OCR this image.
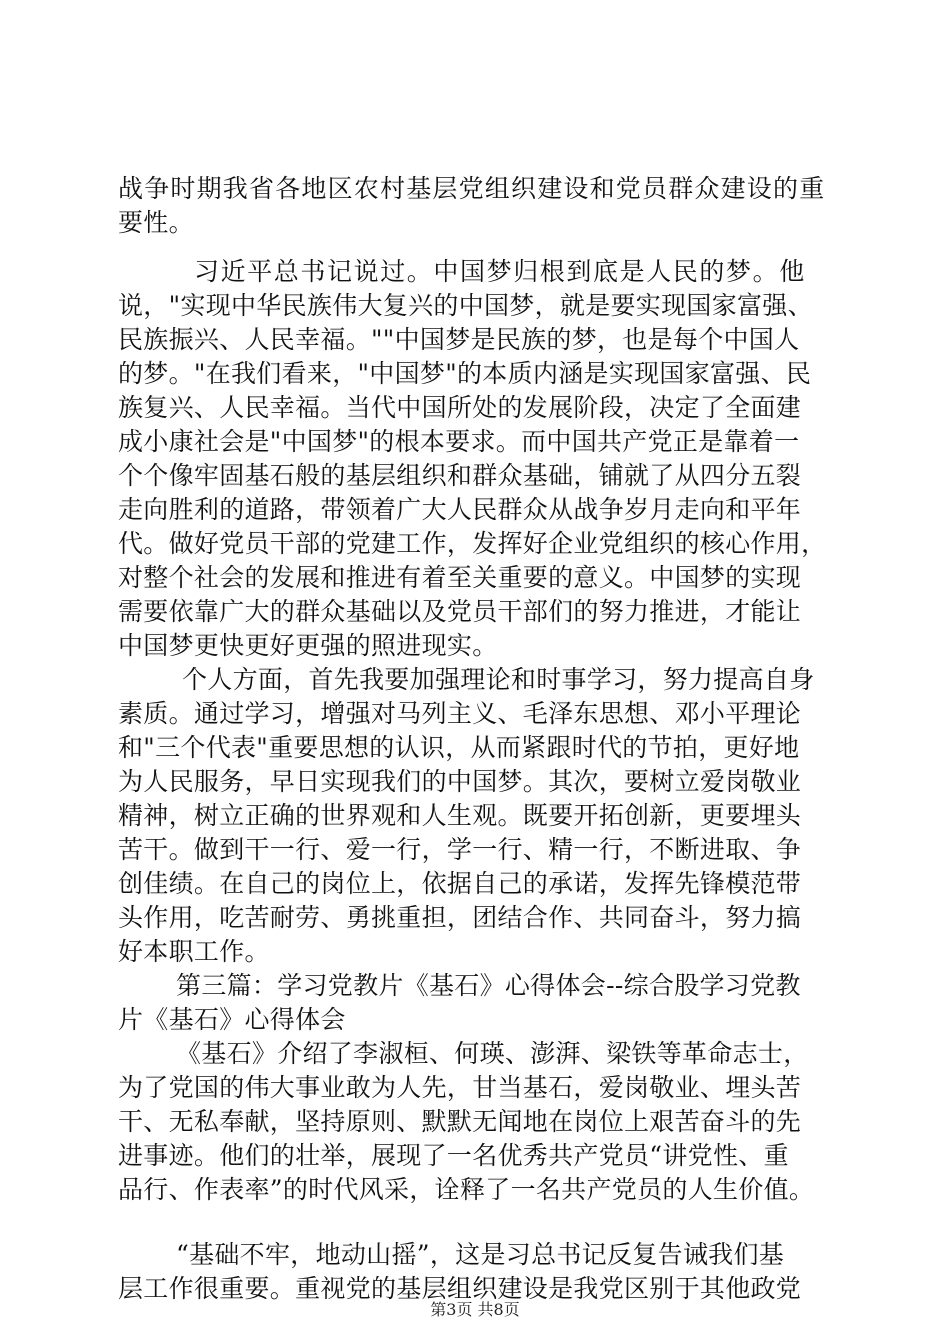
战争时期我省各地区农村基层党组织建设和党员群众建设的重
要性。
习近平总书记说过。中国梦归根到底是人民的梦。他
说，"实现中华民族伟大复兴的中国梦，就是要实现国家富强、
民族振兴、人民幸福。""中国梦是民族的梦，也是每个中国人
的梦。"在我们看来，"中国梦"的本质内涵是实现国家富强、民
族复兴、人民幸福。当代中国所处的发展阶段，决定了全面建
成小康社会是"中国梦"的根本要求。而中国共产党正是靠着一
个个像牢固基石般的基层组织和群众基础，铺就了从四分五裂
走向胜利的道路，带领着广大人民群众从战争岁月走向和平年
代。做好党员干部的党建工作，发挥好企业党组织的核心作用，
对整个社会的发展和推进有着至关重要的意义。中国梦的实现
需要依靠广大的群众基础以及党员干部们的努力推进，才能让
中国梦更快更好更强的照进现实。
个人方面，首先我要加强理论和时事学习，努力提高自身
素质。通过学习，增强对马列主义、毛泽东思想、邓小平理论
和"三个代表"重要思想的认识，从而紧跟时代的节拍，更好地
为人民服务，早日实现我们的中国梦。其次，要树立爱岗敬业
精神，树立正确的世界观和人生观。既要开拓创新，更要埋头
苦干。做到干一行、爱一行，学一行、精一行，不断进取、争
创佳绩。在自己的岗位上，依据自己的承诺，发挥先锋模范带
头作用，吃苦耐劳、勇挑重担，团结合作、共同奋斗，努力搞
好本职工作。
第三篇：学习党教片《基石》心得体会--综合股学习党教
片《基石》心得体会
《基石》介绍了李淑桓、何瑛、澎湃、梁铁等革命志士，
为了党国的伟大事业敢为人先，甘当基石，爱岗敬业、埋头苦
干、无私奉献，坚持原则、默默无闻地在岗位上艰苦奋斗的先
进事迹。他们的壮举，展现了一名优秀共产党员“讲党性、重
品行、作表率”的时代风采，诠释了一名共产党员的人生价值。
“基础不牢，地动山摇”，这是习总书记反复告诫我们基
层工作很重要。重视党的基层组织建设是我党区别于其他政党
第3页 共8页
